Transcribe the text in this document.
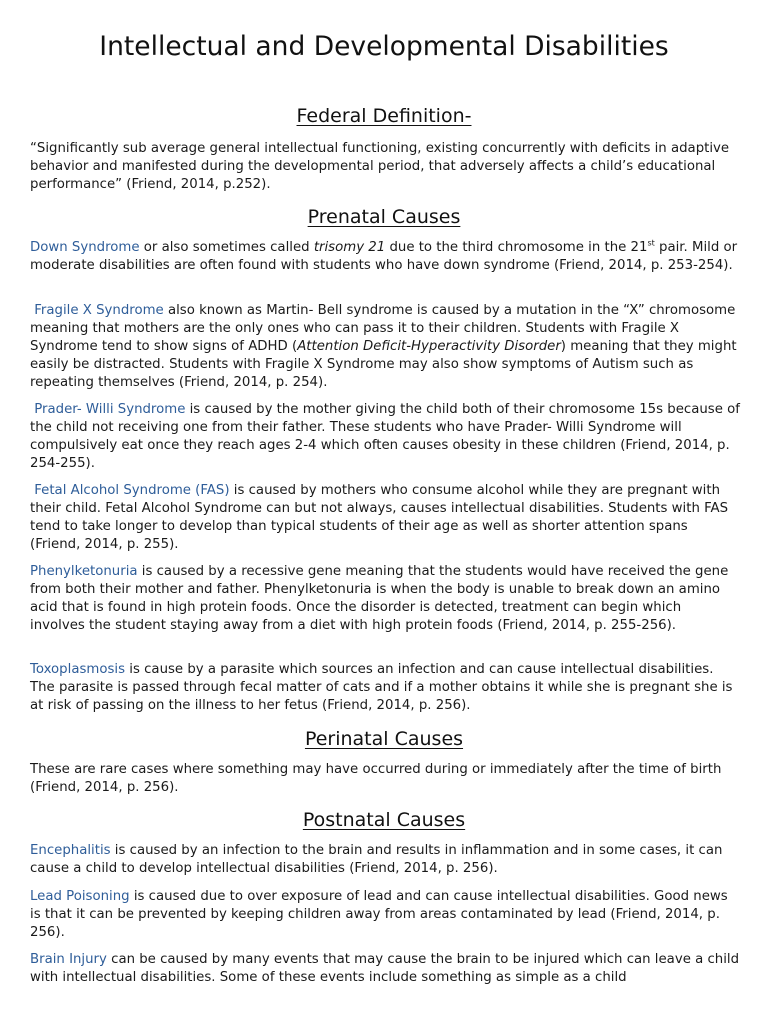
Intellectual and Developmental Disabilities
Federal Definition-

“Significantly sub average general intellectual functioning, existing concurrently with deficits in adaptive behavior and manifested during the developmental period, that adversely affects a child’s educational performance” (Friend, 2014, p.252).

Prenatal Causes

Down Syndrome or also sometimes called trisomy 21 due to the third chromosome in the 21st pair. Mild or moderate disabilities are often found with students who have down syndrome (Friend, 2014, p. 253-254).

Fragile X Syndrome also known as Martin- Bell syndrome is caused by a mutation in the “X” chromosome meaning that mothers are the only ones who can pass it to their children. Students with Fragile X Syndrome tend to show signs of ADHD (Attention Deficit-Hyperactivity Disorder) meaning that they might easily be distracted. Students with Fragile X Syndrome may also show symptoms of Autism such as repeating themselves (Friend, 2014, p. 254).

Prader- Willi Syndrome is caused by the mother giving the child both of their chromosome 15s because of the child not receiving one from their father. These students who have Prader- Willi Syndrome will compulsively eat once they reach ages 2-4 which often causes obesity in these children (Friend, 2014, p. 254-255).

Fetal Alcohol Syndrome (FAS) is caused by mothers who consume alcohol while they are pregnant with their child. Fetal Alcohol Syndrome can but not always, causes intellectual disabilities. Students with FAS tend to take longer to develop than typical students of their age as well as shorter attention spans (Friend, 2014, p. 255).

Phenylketonuria is caused by a recessive gene meaning that the students would have received the gene from both their mother and father. Phenylketonuria is when the body is unable to break down an amino acid that is found in high protein foods. Once the disorder is detected, treatment can begin which involves the student staying away from a diet with high protein foods (Friend, 2014, p. 255-256).

Toxoplasmosis is cause by a parasite which sources an infection and can cause intellectual disabilities. The parasite is passed through fecal matter of cats and if a mother obtains it while she is pregnant she is at risk of passing on the illness to her fetus (Friend, 2014, p. 256).

Perinatal Causes

These are rare cases where something may have occurred during or immediately after the time of birth (Friend, 2014, p. 256).

Postnatal Causes

Encephalitis is caused by an infection to the brain and results in inflammation and in some cases, it can cause a child to develop intellectual disabilities (Friend, 2014, p. 256).

Lead Poisoning is caused due to over exposure of lead and can cause intellectual disabilities. Good news is that it can be prevented by keeping children away from areas contaminated by lead (Friend, 2014, p. 256).

Brain Injury can be caused by many events that may cause the brain to be injured which can leave a child with intellectual disabilities. Some of these events include something as simple as a child
